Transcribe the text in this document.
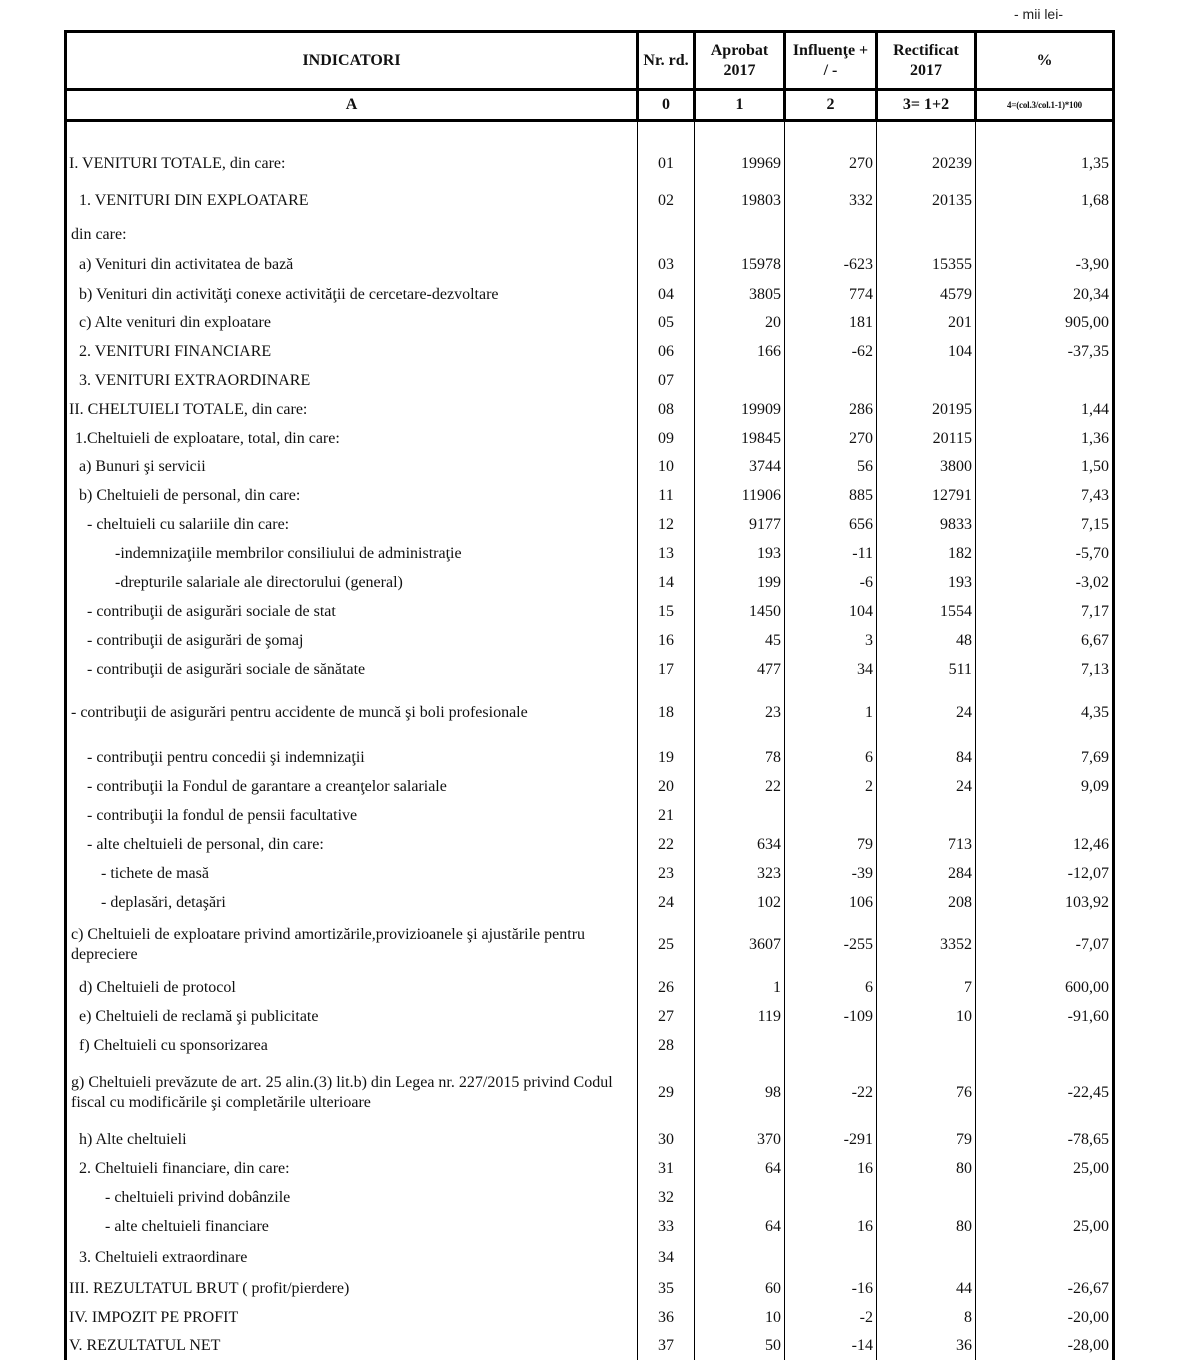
- mii lei-
INDICATORI	Nr. rd.	Aprobat 2017	Influenţe + / -	Rectificat 2017	%
A	0	1	2	3= 1+2	4=(col.3/col.1-1)*100

I. VENITURI TOTALE, din care:	01	19969	270	20239	1,35
1. VENITURI DIN EXPLOATARE	02	19803	332	20135	1,68
din care:					
a) Venituri din activitatea de bază	03	15978	-623	15355	-3,90
b) Venituri din activităţi conexe activităţii de cercetare-dezvoltare	04	3805	774	4579	20,34
c) Alte venituri din exploatare	05	20	181	201	905,00
2. VENITURI FINANCIARE	06	166	-62	104	-37,35
3. VENITURI EXTRAORDINARE	07				
II. CHELTUIELI TOTALE, din care:	08	19909	286	20195	1,44
1.Cheltuieli de exploatare, total, din care:	09	19845	270	20115	1,36
a) Bunuri şi servicii	10	3744	56	3800	1,50
b) Cheltuieli de personal, din care:	11	11906	885	12791	7,43
- cheltuieli cu salariile din care:	12	9177	656	9833	7,15
-indemnizaţiile membrilor consiliului de administraţie	13	193	-11	182	-5,70
-drepturile salariale ale directorului (general)	14	199	-6	193	-3,02
- contribuţii de asigurări sociale de stat	15	1450	104	1554	7,17
- contribuţii de asigurări de şomaj	16	45	3	48	6,67
- contribuţii de asigurări sociale de sănătate	17	477	34	511	7,13
- contribuţii de asigurări pentru accidente de muncă şi boli profesionale	18	23	1	24	4,35
- contribuţii pentru concedii şi indemnizaţii	19	78	6	84	7,69
- contribuţii la Fondul de garantare a creanţelor salariale	20	22	2	24	9,09
- contribuţii la fondul de pensii facultative	21				
- alte cheltuieli de personal, din care:	22	634	79	713	12,46
- tichete de masă	23	323	-39	284	-12,07
- deplasări, detaşări	24	102	106	208	103,92
c) Cheltuieli de exploatare privind amortizările,provizioanele şi ajustările pentru depreciere	25	3607	-255	3352	-7,07
d) Cheltuieli de protocol	26	1	6	7	600,00
e) Cheltuieli de reclamă şi publicitate	27	119	-109	10	-91,60
f) Cheltuieli cu sponsorizarea	28				
g) Cheltuieli prevăzute de art. 25 alin.(3) lit.b) din Legea nr. 227/2015 privind Codul fiscal cu modificările şi completările ulterioare	29	98	-22	76	-22,45
h) Alte cheltuieli	30	370	-291	79	-78,65
2. Cheltuieli financiare, din care:	31	64	16	80	25,00
- cheltuieli privind dobânzile	32				
- alte cheltuieli financiare	33	64	16	80	25,00
3. Cheltuieli extraordinare	34				
III. REZULTATUL BRUT ( profit/pierdere)	35	60	-16	44	-26,67
IV. IMPOZIT PE PROFIT	36	10	-2	8	-20,00
V. REZULTATUL NET	37	50	-14	36	-28,00
